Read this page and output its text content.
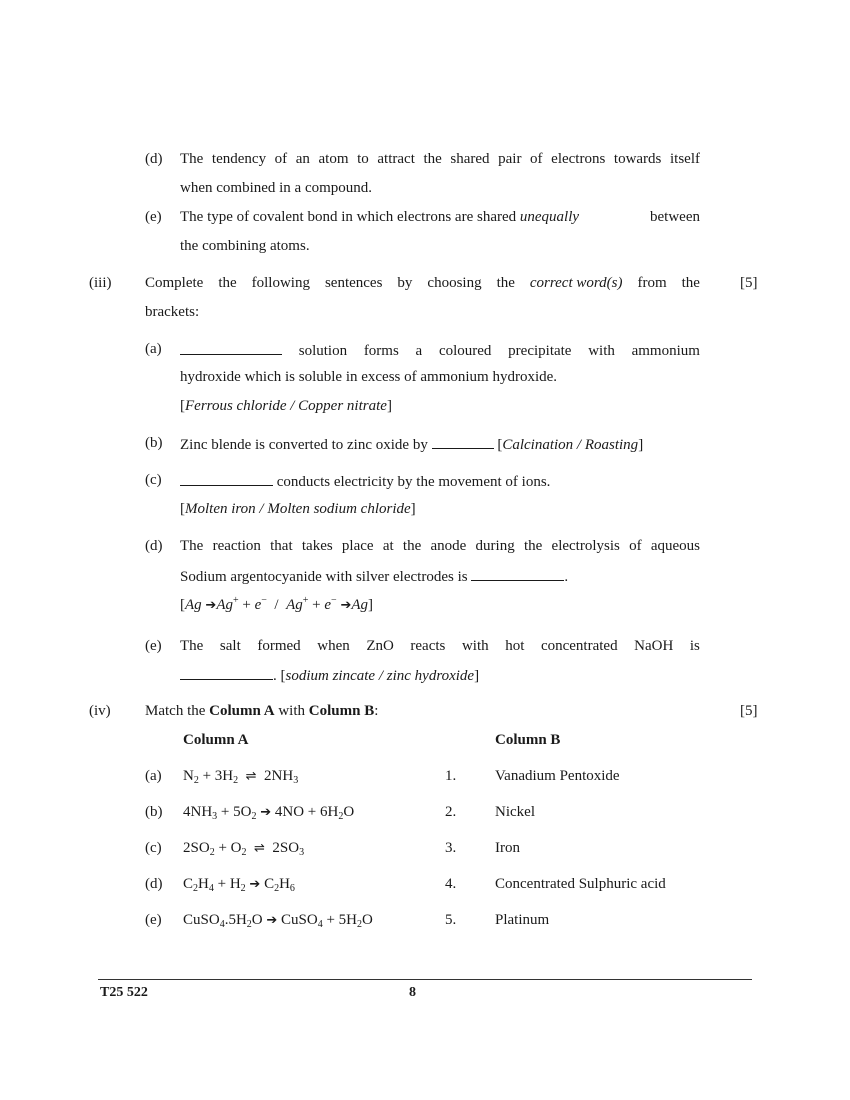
(d) The tendency of an atom to attract the shared pair of electrons towards itself
when combined in a compound.
(e) The type of covalent bond in which electrons are shared unequally	between
the combining atoms.
(iii) Complete the following sentences by choosing the correct word(s) from the	[5]
brackets:
(a)	solution forms a coloured precipitate with ammonium
hydroxide which is soluble in excess of ammonium hydroxide.
[Ferrous chloride / Copper nitrate]
(b) Zinc blende is converted to zinc oxide by	[Calcination / Roasting]
(c)	conducts electricity by the movement of ions.
[Molten iron / Molten sodium chloride]
(d) The reaction that takes place at the anode during the electrolysis of aqueous
Sodium argentocyanide with silver electrodes is	.
[Ag ➔Ag+ + e−  /  Ag+ + e− ➔Ag]
(e) The salt formed when ZnO reacts with hot concentrated NaOH is
. [sodium zincate / zinc hydroxide]
(iv) Match the Column A with Column B:	[5]
Column A	Column B
(a) $N_2 + 3H_2$ ⇌  $2NH_3$	1.	Vanadium Pentoxide
(b) $4NH_3 + 5O_2$ ➔ $4NO + 6H_2O$	2.	Nickel
(c) $2SO_2 + O_2$ ⇌  $2SO_3$	3.	Iron
(d) $C_2H_4 + H_2$ ➔ $C_2H_6$	4.	Concentrated Sulphuric acid
(e) $CuSO_4.5H_2O$ ➔ CuSO$_4$ + $5H_2O$	5.	Platinum
T25 522	8
